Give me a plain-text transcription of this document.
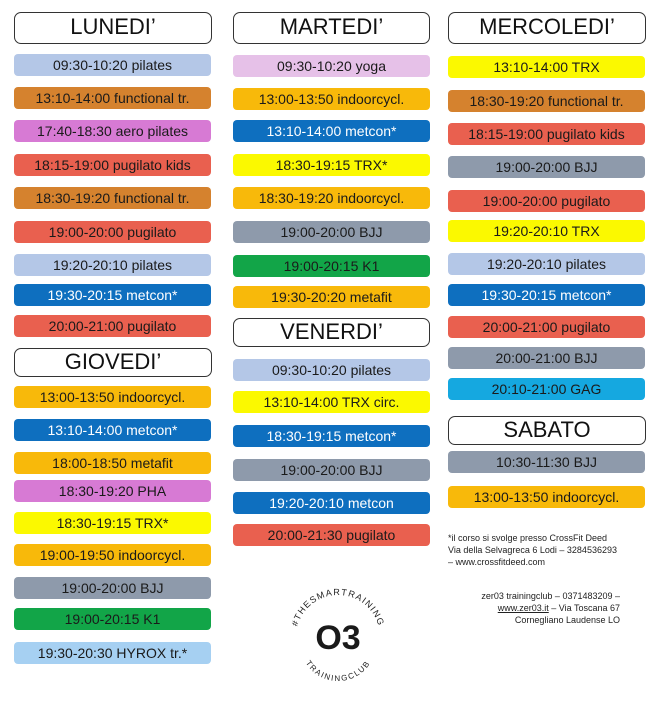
LUNEDI’
09:30-10:20 pilates
13:10-14:00 functional tr.
17:40-18:30 aero pilates
18:15-19:00 pugilato kids
18:30-19:20 functional tr.
19:00-20:00 pugilato
19:20-20:10 pilates
19:30-20:15 metcon*
20:00-21:00 pugilato
GIOVEDI’
13:00-13:50 indoorcycl.
13:10-14:00 metcon*
18:00-18:50 metafit
18:30-19:20 PHA
18:30-19:15 TRX*
19:00-19:50 indoorcycl.
19:00-20:00 BJJ
19:00-20:15 K1
19:30-20:30 HYROX tr.*
MARTEDI’
09:30-10:20 yoga
13:00-13:50 indoorcycl.
13:10-14:00 metcon*
18:30-19:15 TRX*
18:30-19:20 indoorcycl.
19:00-20:00 BJJ
19:00-20:15 K1
19:30-20:20 metafit
VENERDI’
09:30-10:20 pilates
13:10-14:00 TRX circ.
18:30-19:15 metcon*
19:00-20:00 BJJ
19:20-20:10 metcon
20:00-21:30 pugilato
MERCOLEDI’
13:10-14:00 TRX
18:30-19:20 functional tr.
18:15-19:00 pugilato kids
19:00-20:00 BJJ
19:00-20:00 pugilato
19:20-20:10 TRX
19:20-20:10 pilates
19:30-20:15 metcon*
20:00-21:00 pugilato
20:00-21:00 BJJ
20:10-21:00 GAG
SABATO
10:30-11:30 BJJ
13:00-13:50 indoorcycl.
*il corso si svolge presso CrossFit Deed
Via della Selvagreca 6 Lodi – 3284536293
– www.crossfitdeed.com
zer03 trainingclub – 0371483209 –
www.zer03.it – Via Toscana 67
Cornegliano Laudense LO
#THESMARTRAINING
TRAININGCLUB
O3
